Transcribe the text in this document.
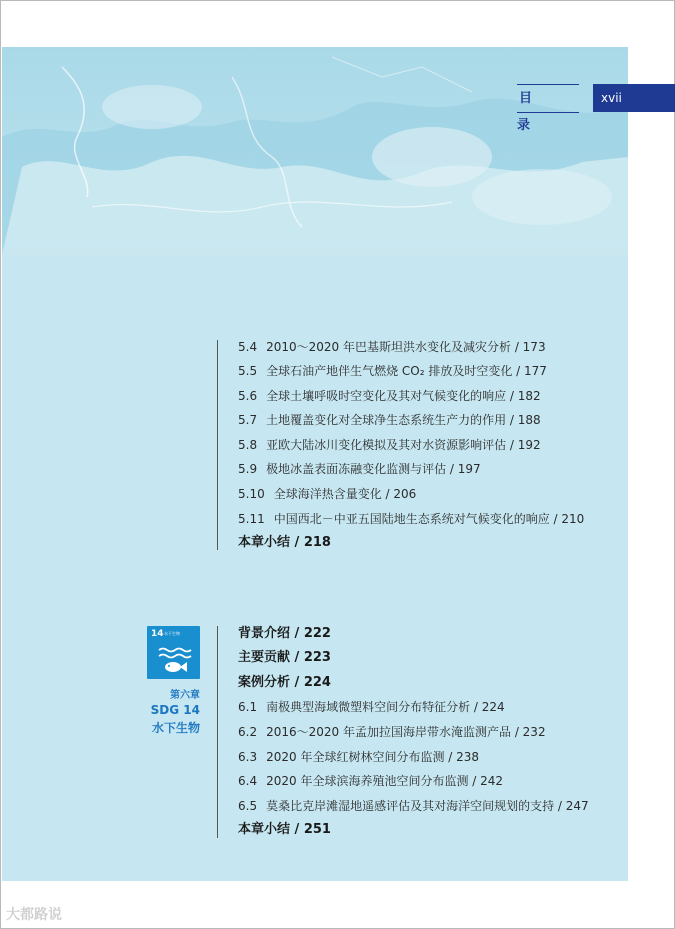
目 录
xvii
5.4 2010～2020 年巴基斯坦洪水变化及减灾分析 / 173
5.5 全球石油产地伴生气燃烧 CO₂ 排放及时空变化 / 177
5.6 全球土壤呼吸时空变化及其对气候变化的响应 / 182
5.7 土地覆盖变化对全球净生态系统生产力的作用 / 188
5.8 亚欧大陆冰川变化模拟及其对水资源影响评估 / 192
5.9 极地冰盖表面冻融变化监测与评估 / 197
5.10 全球海洋热含量变化 / 206
5.11 中国西北－中亚五国陆地生态系统对气候变化的响应 / 210
本章小结 / 218
14 水下生物
第六章
SDG 14
水下生物
背景介绍 / 222
主要贡献 / 223
案例分析 / 224
6.1 南极典型海域微塑料空间分布特征分析 / 224
6.2 2016～2020 年孟加拉国海岸带水淹监测产品 / 232
6.3 2020 年全球红树林空间分布监测 / 238
6.4 2020 年全球滨海养殖池空间分布监测 / 242
6.5 莫桑比克岸滩湿地遥感评估及其对海洋空间规划的支持 / 247
本章小结 / 251
大都路说
